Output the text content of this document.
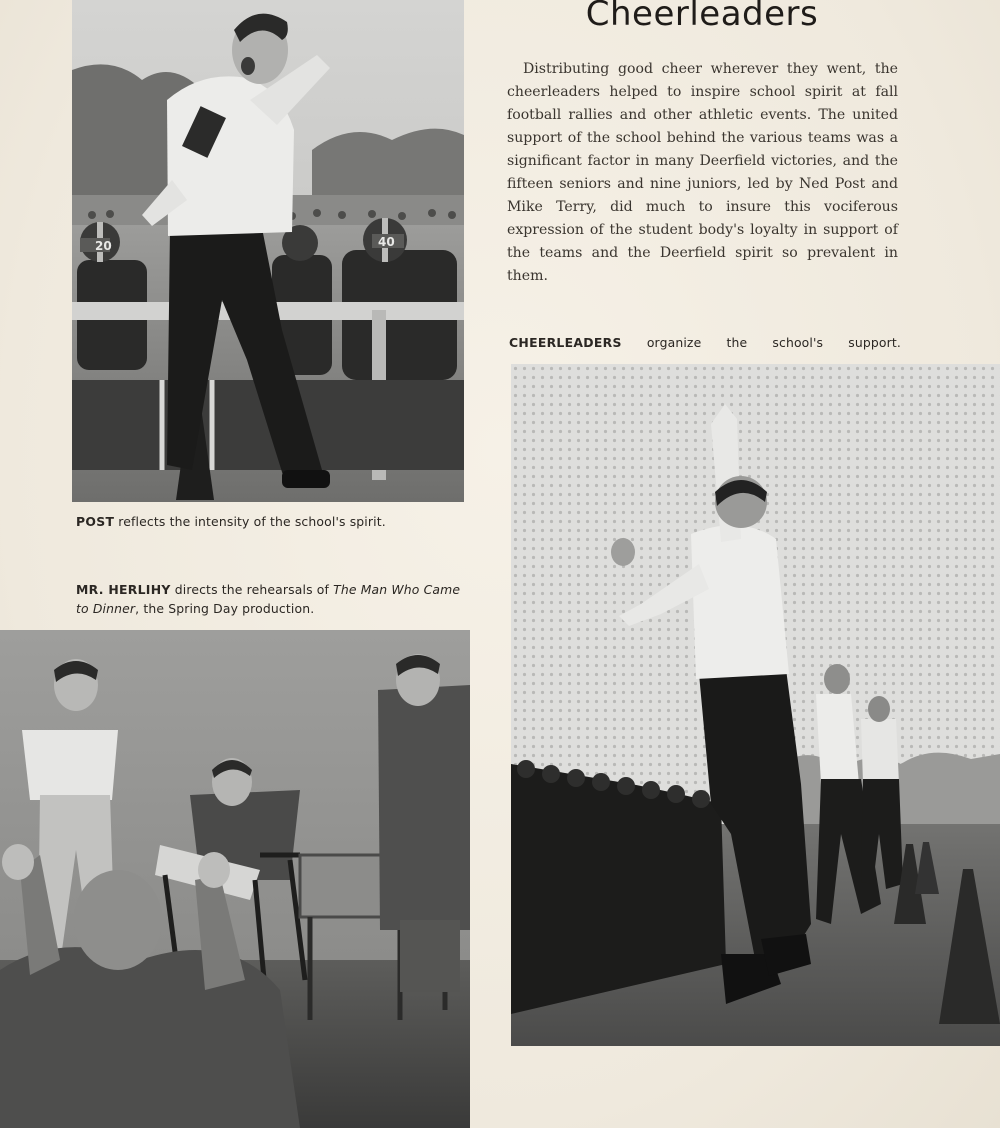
20	40

POST reflects the intensity of the school's spirit.

MR. HERLIHY directs the rehearsals of The Man Who Came to Dinner, the Spring Day production.

Cheerleaders

Distributing good cheer wherever they went, the cheerleaders helped to inspire school spirit at fall football rallies and other athletic events. The united support of the school behind the various teams was a significant factor in many Deerfield victories, and the fifteen seniors and nine juniors, led by Ned Post and Mike Terry, did much to insure this vociferous expression of the student body's loyalty in support of the teams and the Deerfield spirit so prevalent in them.

CHEERLEADERS organize the school's support.
